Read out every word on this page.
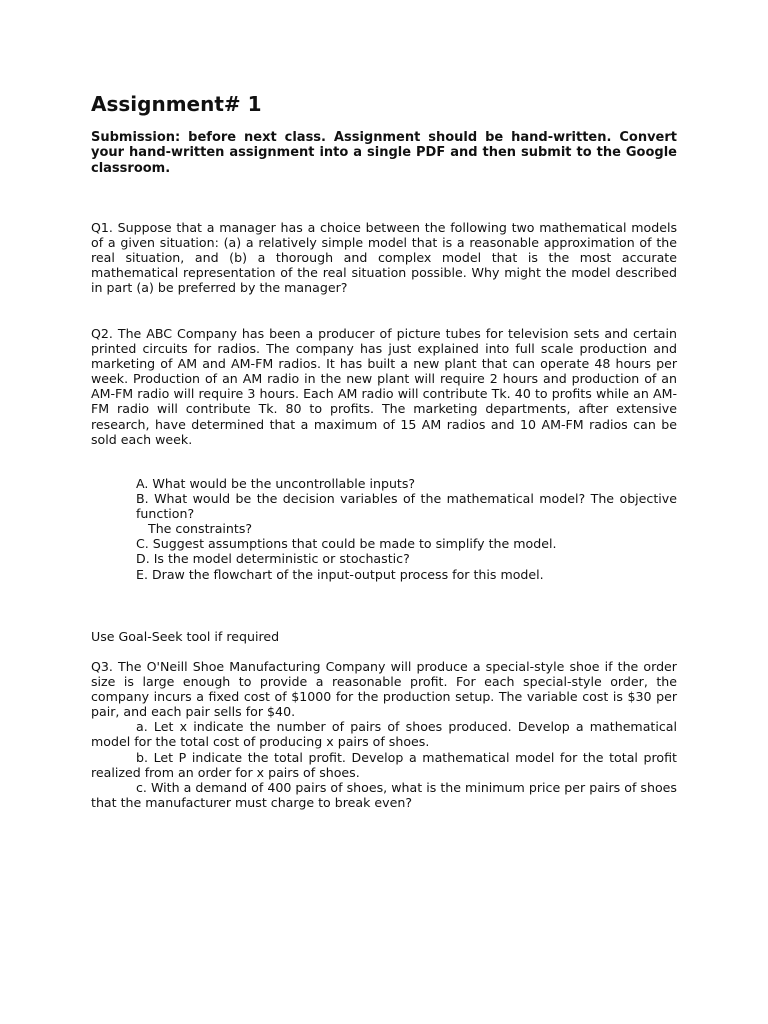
Assignment# 1

Submission: before next class. Assignment should be hand-written. Convert your hand-written assignment into a single PDF and then submit to the Google classroom.

Q1. Suppose that a manager has a choice between the following two mathematical models of a given situation: (a) a relatively simple model that is a reasonable approximation of the real situation, and (b) a thorough and complex model that is the most accurate mathematical representation of the real situation possible. Why might the model described in part (a) be preferred by the manager?

Q2. The ABC Company has been a producer of picture tubes for television sets and certain printed circuits for radios. The company has just explained into full scale production and marketing of AM and AM-FM radios. It has built a new plant that can operate 48 hours per week. Production of an AM radio in the new plant will require 2 hours and production of an AM-FM radio will require 3 hours. Each AM radio will contribute Tk. 40 to profits while an AM-FM radio will contribute Tk. 80 to profits. The marketing departments, after extensive research, have determined that a maximum of 15 AM radios and 10 AM-FM radios can be sold each week.

A. What would be the uncontrollable inputs?
B. What would be the decision variables of the mathematical model? The objective function?
The constraints?
C. Suggest assumptions that could be made to simplify the model.
D. Is the model deterministic or stochastic?
E. Draw the flowchart of the input-output process for this model.

Use Goal-Seek tool if required

Q3. The O'Neill Shoe Manufacturing Company will produce a special-style shoe if the order size is large enough to provide a reasonable profit. For each special-style order, the company incurs a fixed cost of $1000 for the production setup. The variable cost is $30 per pair, and each pair sells for $40.
a. Let x indicate the number of pairs of shoes produced. Develop a mathematical model for the total cost of producing x pairs of shoes.
b. Let P indicate the total profit. Develop a mathematical model for the total profit realized from an order for x pairs of shoes.
c. With a demand of 400 pairs of shoes, what is the minimum price per pairs of shoes that the manufacturer must charge to break even?
